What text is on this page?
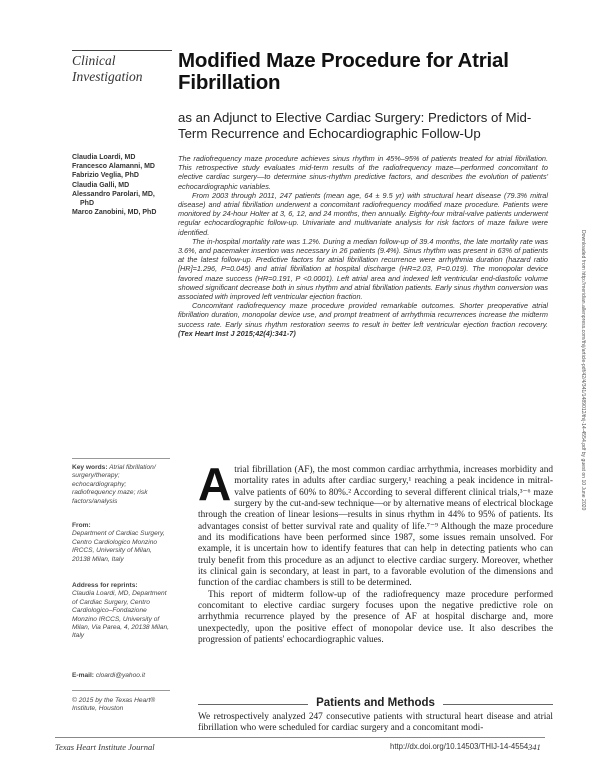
Clinical
Investigation
Modified Maze Procedure for Atrial Fibrillation
as an Adjunct to Elective Cardiac Surgery: Predictors of Mid-Term Recurrence and Echocardiographic Follow-Up
Claudia Loardi, MD
Francesco Alamanni, MD
Fabrizio Veglia, PhD
Claudia Galli, MD
Alessandro Parolari, MD,
PhD
Marco Zanobini, MD, PhD

The radiofrequency maze procedure achieves sinus rhythm in 45%–95% of patients treated for atrial fibrillation. This retrospective study evaluates mid-term results of the radiofrequency maze—performed concomitant to elective cardiac surgery—to determine sinus-rhythm predictive factors, and describes the evolution of patients' echocardiographic variables.

From 2003 through 2011, 247 patients (mean age, 64 ± 9.5 yr) with structural heart disease (79.3% mitral disease) and atrial fibrillation underwent a concomitant radiofrequency modified maze procedure. Patients were monitored by 24-hour Holter at 3, 6, 12, and 24 months, then annually. Eighty-four mitral-valve patients underwent regular echocardiographic follow-up. Univariate and multivariate analysis for risk factors of maze failure were identified.

The in-hospital mortality rate was 1.2%. During a median follow-up of 39.4 months, the late mortality rate was 3.6%, and pacemaker insertion was necessary in 26 patients (9.4%). Sinus rhythm was present in 63% of patients at the latest follow-up. Predictive factors for atrial fibrillation recurrence were arrhythmia duration (hazard ratio [HR]=1.296, P=0.045) and atrial fibrillation at hospital discharge (HR=2.03, P=0.019). The monopolar device favored maze success (HR=0.191, P <0.0001). Left atrial area and indexed left ventricular end-diastolic volume showed significant decrease both in sinus rhythm and atrial fibrillation patients. Early sinus rhythm conversion was associated with improved left ventricular ejection fraction.

Concomitant radiofrequency maze procedure provided remarkable outcomes. Shorter preoperative atrial fibrillation duration, monopolar device use, and prompt treatment of arrhythmia recurrences increase the midterm success rate. Early sinus rhythm restoration seems to result in better left ventricular ejection fraction recovery. (Tex Heart Inst J 2015;42(4):341-7)

Key words: Atrial fibrillation/ surgery/therapy; echocardiography; radiofrequency maze; risk factors/analysis
From:
Department of Cardiac Surgery, Centro Cardiologico Monzino IRCCS, University of Milan, 20138 Milan, Italy
Address for reprints:
Claudia Loardi, MD, Department of Cardiac Surgery, Centro Cardiologico–Fondazione Monzino IRCCS, University of Milan, Via Parea, 4, 20138 Milan, Italy
E-mail: cloardi@yahoo.it
© 2015 by the Texas Heart® Institute, Houston

Atrial fibrillation (AF), the most common cardiac arrhythmia, increases morbidity and mortality rates in adults after cardiac surgery,¹ reaching a peak incidence in mitral-valve patients of 60% to 80%.² According to several different clinical trials,³⁻⁶ maze surgery by the cut-and-sew technique—or by alternative means of electrical blockage through the creation of linear lesions—results in sinus rhythm in 44% to 95% of patients. Its advantages consist of better survival rate and quality of life.⁷⁻⁹ Although the maze procedure and its modifications have been performed since 1987, some issues remain unsolved. For example, it is uncertain how to identify features that can help in detecting patients who can truly benefit from this procedure as an adjunct to elective cardiac surgery. Moreover, whether its clinical gain is secondary, at least in part, to a favorable evolution of the dimensions and function of the cardiac chambers is still to be determined.

This report of midterm follow-up of the radiofrequency maze procedure performed concomitant to elective cardiac surgery focuses upon the negative predictive role on arrhythmia recurrence played by the presence of AF at hospital discharge and, more unexpectedly, upon the positive effect of monopolar device use. It also describes the progression of patients' echocardiographic values.

Patients and Methods

We retrospectively analyzed 247 consecutive patients with structural heart disease and atrial fibrillation who were scheduled for cardiac surgery and a concomitant modi-

Texas Heart Institute Journal	http://dx.doi.org/10.14503/THIJ-14-4554 341
Downloaded from http://meridian.allenpress.com/thij/article-pdf/42/4/341/1489012/thij-14-4554.pdf by guest on 10 June 2020
